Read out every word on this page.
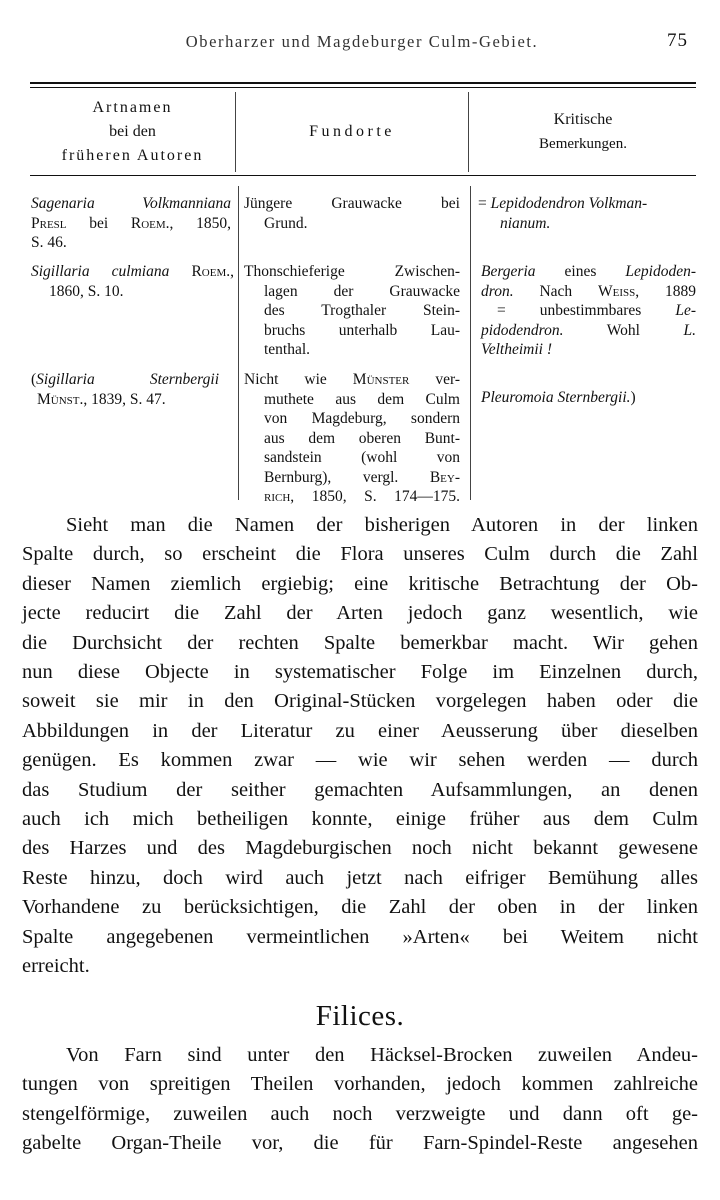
Oberharzer und Magdeburger Culm-Gebiet.	75
Artnamen
bei den
früheren Autoren
Fundorte
Kritische
Bemerkungen.
Sagenaria Volkmanniana
Presl bei Roem., 1850,
S. 46.
Jüngere Grauwacke bei
Grund.
= Lepidodendron Volkman-
nianum.
Sigillaria culmiana Roem.,
1860, S. 10.
Thonschieferige Zwischen-
lagen der Grauwacke
des Trogthaler Stein-
bruchs unterhalb Lau-
tenthal.
Bergeria eines Lepidoden-
dron. Nach Weiss, 1889
= unbestimmbares Le-
pidodendron. Wohl L.
Veltheimii !
(Sigillaria Sternbergii
Münst., 1839, S. 47.
Nicht wie Münster ver-
muthete aus dem Culm
von Magdeburg, sondern
aus dem oberen Bunt-
sandstein (wohl von
Bernburg), vergl. Bey-
rich, 1850, S. 174—175.
Pleuromoia Sternbergii.)
Sieht man die Namen der bisherigen Autoren in der linken
Spalte durch, so erscheint die Flora unseres Culm durch die Zahl
dieser Namen ziemlich ergiebig; eine kritische Betrachtung der Ob-
jecte reducirt die Zahl der Arten jedoch ganz wesentlich, wie
die Durchsicht der rechten Spalte bemerkbar macht. Wir gehen
nun diese Objecte in systematischer Folge im Einzelnen durch,
soweit sie mir in den Original-Stücken vorgelegen haben oder die
Abbildungen in der Literatur zu einer Aeusserung über dieselben
genügen. Es kommen zwar — wie wir sehen werden — durch
das Studium der seither gemachten Aufsammlungen, an denen
auch ich mich betheiligen konnte, einige früher aus dem Culm
des Harzes und des Magdeburgischen noch nicht bekannt gewesene
Reste hinzu, doch wird auch jetzt nach eifriger Bemühung alles
Vorhandene zu berücksichtigen, die Zahl der oben in der linken
Spalte angegebenen vermeintlichen »Arten« bei Weitem nicht
erreicht.
Filices.
Von Farn sind unter den Häcksel-Brocken zuweilen Andeu-
tungen von spreitigen Theilen vorhanden, jedoch kommen zahlreiche
stengelförmige, zuweilen auch noch verzweigte und dann oft ge-
gabelte Organ-Theile vor, die für Farn-Spindel-Reste angesehen
